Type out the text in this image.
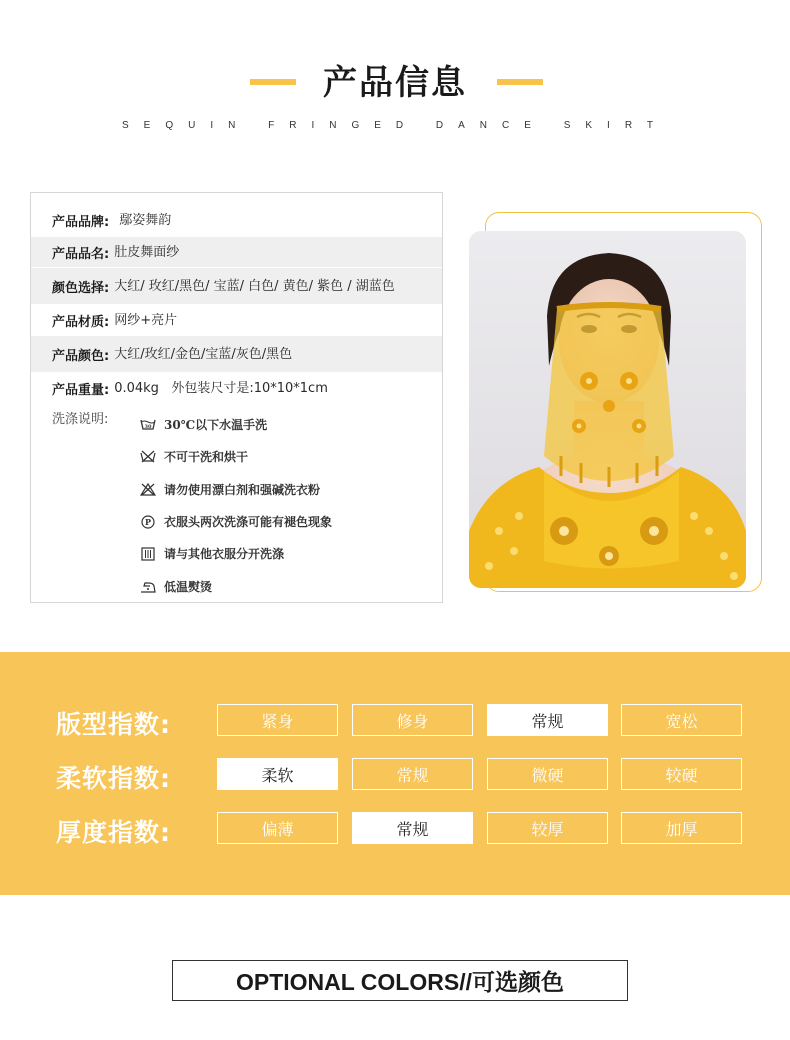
产品信息
SEQUIN FRINGED DANCE SKIRT
产品品牌: 鄢姿舞韵
产品品名: 肚皮舞面纱
颜色选择: 大红/ 玫红/黑色/ 宝蓝/ 白色/ 黄色/ 紫色 / 湖蓝色
产品材质: 网纱+亮片
产品颜色: 大红/玫红/金色/宝蓝/灰色/黑色
产品重量: 0.04kg   外包装尺寸是:10*10*1cm
洗涤说明:
30 30℃以下水温手洗
不可干洗和烘干
请勿使用漂白剂和强碱洗衣粉
P 衣服头两次洗涤可能有褪色现象
请与其他衣服分开洗涤
低温熨烫
版型指数:	紧身	修身	常规	宽松
柔软指数:	柔软	常规	微硬	较硬
厚度指数:	偏薄	常规	较厚	加厚
OPTIONAL COLORS//可选颜色
